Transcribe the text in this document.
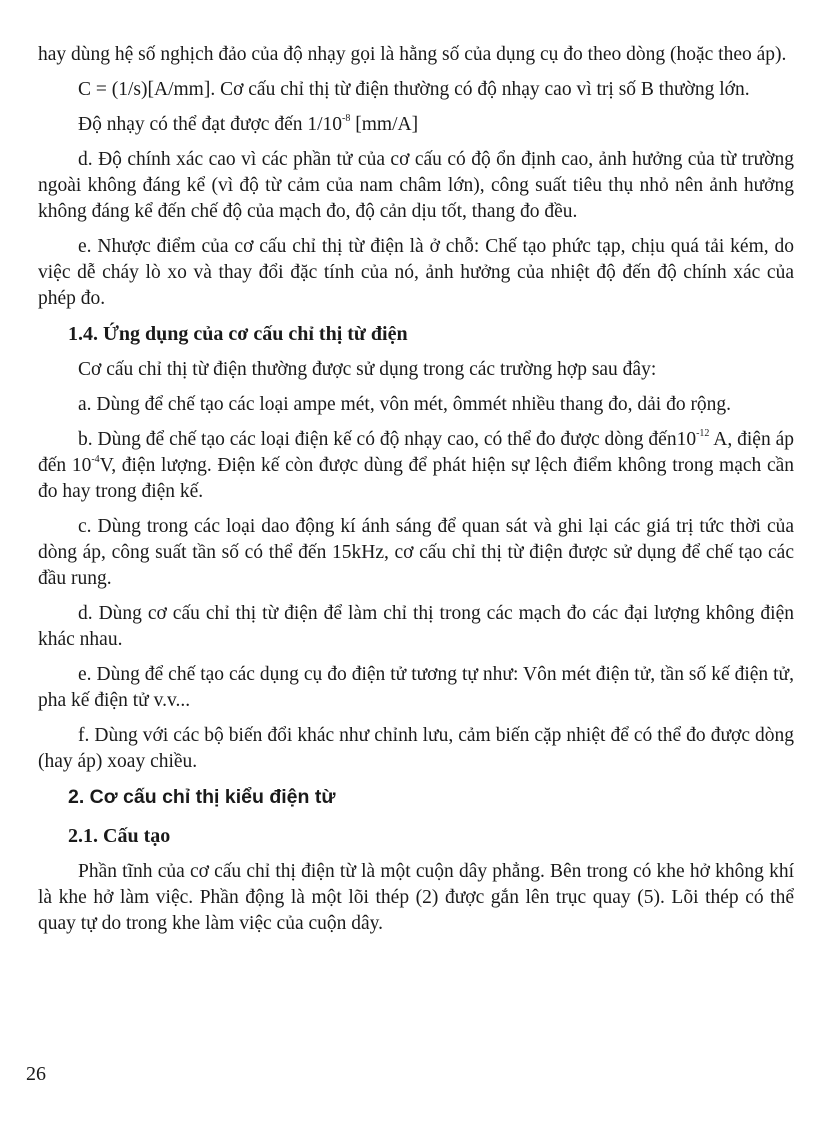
hay dùng hệ số nghịch đảo của độ nhạy gọi là hằng số của dụng cụ đo theo dòng (hoặc theo áp).

C = (1/s)[A/mm]. Cơ cấu chỉ thị từ điện thường có độ nhạy cao vì trị số B thường lớn.

Độ nhạy có thể đạt được đến $1/10^{-8}$ [mm/A]

d. Độ chính xác cao vì các phần tử của cơ cấu có độ ổn định cao, ảnh hưởng của từ trường ngoài không đáng kể (vì độ từ cảm của nam châm lớn), công suất tiêu thụ nhỏ nên ảnh hưởng không đáng kể đến chế độ của mạch đo, độ cản dịu tốt, thang đo đều.

e. Nhược điểm của cơ cấu chỉ thị từ điện là ở chỗ: Chế tạo phức tạp, chịu quá tải kém, do việc dễ cháy lò xo và thay đổi đặc tính của nó, ảnh hưởng của nhiệt độ đến độ chính xác của phép đo.

1.4. Ứng dụng của cơ cấu chỉ thị từ điện

Cơ cấu chỉ thị từ điện thường được sử dụng trong các trường hợp sau đây:

a. Dùng để chế tạo các loại ampe mét, vôn mét, ômmét nhiều thang đo, dải đo rộng.

b. Dùng để chế tạo các loại điện kế có độ nhạy cao, có thể đo được dòng $đến10^{-12}$ A, điện áp đến $10^{-4}V$, điện lượng. Điện kế còn được dùng để phát hiện sự lệch điểm không trong mạch cần đo hay trong điện kế.

c. Dùng trong các loại dao động kí ánh sáng để quan sát và ghi lại các giá trị tức thời của dòng áp, công suất tần số có thể đến 15kHz, cơ cấu chỉ thị từ điện được sử dụng để chế tạo các đầu rung.

d. Dùng cơ cấu chỉ thị từ điện để làm chỉ thị trong các mạch đo các đại lượng không điện khác nhau.

e. Dùng để chế tạo các dụng cụ đo điện tử tương tự như: Vôn mét điện tử, tần số kế điện tử, pha kế điện tử v.v...

f. Dùng với các bộ biến đổi khác như chỉnh lưu, cảm biến cặp nhiệt để có thể đo được dòng (hay áp) xoay chiều.

2. Cơ cấu chỉ thị kiểu điện từ
2.1. Cấu tạo

Phần tĩnh của cơ cấu chỉ thị điện từ là một cuộn dây phẳng. Bên trong có khe hở không khí là khe hở làm việc. Phần động là một lõi thép (2) được gắn lên trục quay (5). Lõi thép có thể quay tự do trong khe làm việc của cuộn dây.

26
